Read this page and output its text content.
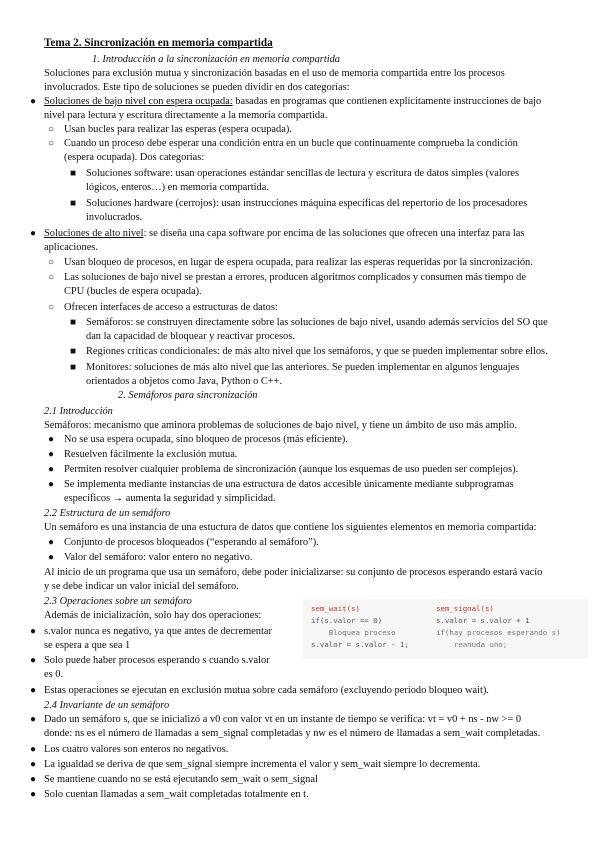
Tema 2. Sincronización en memoria compartida
1. Introducción a la sincronización en memoria compartida
Soluciones para exclusión mutua y sincronización basadas en el uso de memoria compartida entre los procesos
involucrados. Este tipo de soluciones se pueden dividir en dos categorías:
● Soluciones de bajo nivel con espera ocupada: basadas en programas que contienen explícitamente instrucciones de bajo
nivel para lectura y escritura directamente a la memoria compartida.
○ Usan bucles para realizar las esperas (espera ocupada).
○ Cuando un proceso debe esperar una condición entra en un bucle que continuamente comprueba la condición
(espera ocupada). Dos categorías:
■ Soluciones software: usan operaciones estándar sencillas de lectura y escritura de datos simples (valores
lógicos, enteros…) en memoria compartida.
■ Soluciones hardware (cerrojos): usan instrucciones máquina específicas del repertorio de los procesadores
involucrados.
● Soluciones de alto nivel: se diseña una capa software por encima de las soluciones que ofrecen una interfaz para las
aplicaciones.
○ Usan bloqueo de procesos, en lugar de espera ocupada, para realizar las esperas requeridas por la sincronización.
○ Las soluciones de bajo nivel se prestan a errores, producen algoritmos complicados y consumen más tiempo de
CPU (bucles de espera ocupada).
○ Ofrecen interfaces de acceso a estructuras de datos:
■ Semáforos: se construyen directamente sobre las soluciones de bajo nivel, usando además servicios del SO que
dan la capacidad de bloquear y reactivar procesos.
■ Regiones críticas condicionales: de más alto nivel que los semáforos, y que se pueden implementar sobre ellos.
■ Monitores: soluciones de más alto nivel que las anteriores. Se pueden implementar en algunos lenguajes
orientados a objetos como Java, Python o C++.
2. Semáforos para sincronización
2.1 Introducción
Semáforos: mecanismo que aminora problemas de soluciones de bajo nivel, y tiene un ámbito de uso más amplio.
● No se usa espera ocupada, sino bloqueo de procesos (más eficiente).
● Resuelven fácilmente la exclusión mutua.
● Permiten resolver cualquier problema de sincronización (aunque los esquemas de uso pueden ser complejos).
● Se implementa mediante instancias de una estructura de datos accesible únicamente mediante subprogramas
específicos → aumenta la seguridad y simplicidad.
2.2 Estructura de un semáforo
Un semáforo es una instancia de una estuctura de datos que contiene los siguientes elementos en memoria compartida:
● Conjunto de procesos bloqueados (“esperando al semáforo”).
● Valor del semáforo: valor entero no negativo.
Al inicio de un programa que usa un semáforo, debe poder inicializarse: su conjunto de procesos esperando estará vacío
y se debe indicar un valor inicial del semáforo.
2.3 Operaciones sobre un semáforo
Además de inicialización, solo hay dos operaciones:
● s.valor nunca es negativo, ya que antes de decrementar
se espera a que sea 1
● Solo puede haber procesos esperando s cuando s.valor
es 0.
● Estas operaciones se ejecutan en exclusión mutua sobre cada semáforo (excluyendo periodo bloqueo wait).
sem_wait(s)
if(s.valor == 0)
Bloquea proceso
s.valor = s.valor - 1;
sem_signal(s)
s.valor = s.valor + 1
if(hay procesos esperando s)
reanuda uno;
2.4 Invariante de un semáforo
● Dado un semáforo s, que se inicializó a v0 con valor vt en un instante de tiempo se verifica: vt = v0 + ns - nw >= 0
donde: ns es el número de llamadas a sem_signal completadas y nw es el número de llamadas a sem_wait completadas.
● Los cuatro valores son enteros no negativos.
● La igualdad se deriva de que sem_signal siempre incrementa el valor y sem_wait siempre lo decrementa.
● Se mantiene cuando no se está ejecutando sem_wait o sem_signal
● Solo cuentan llamadas a sem_wait completadas totalmente en t.
